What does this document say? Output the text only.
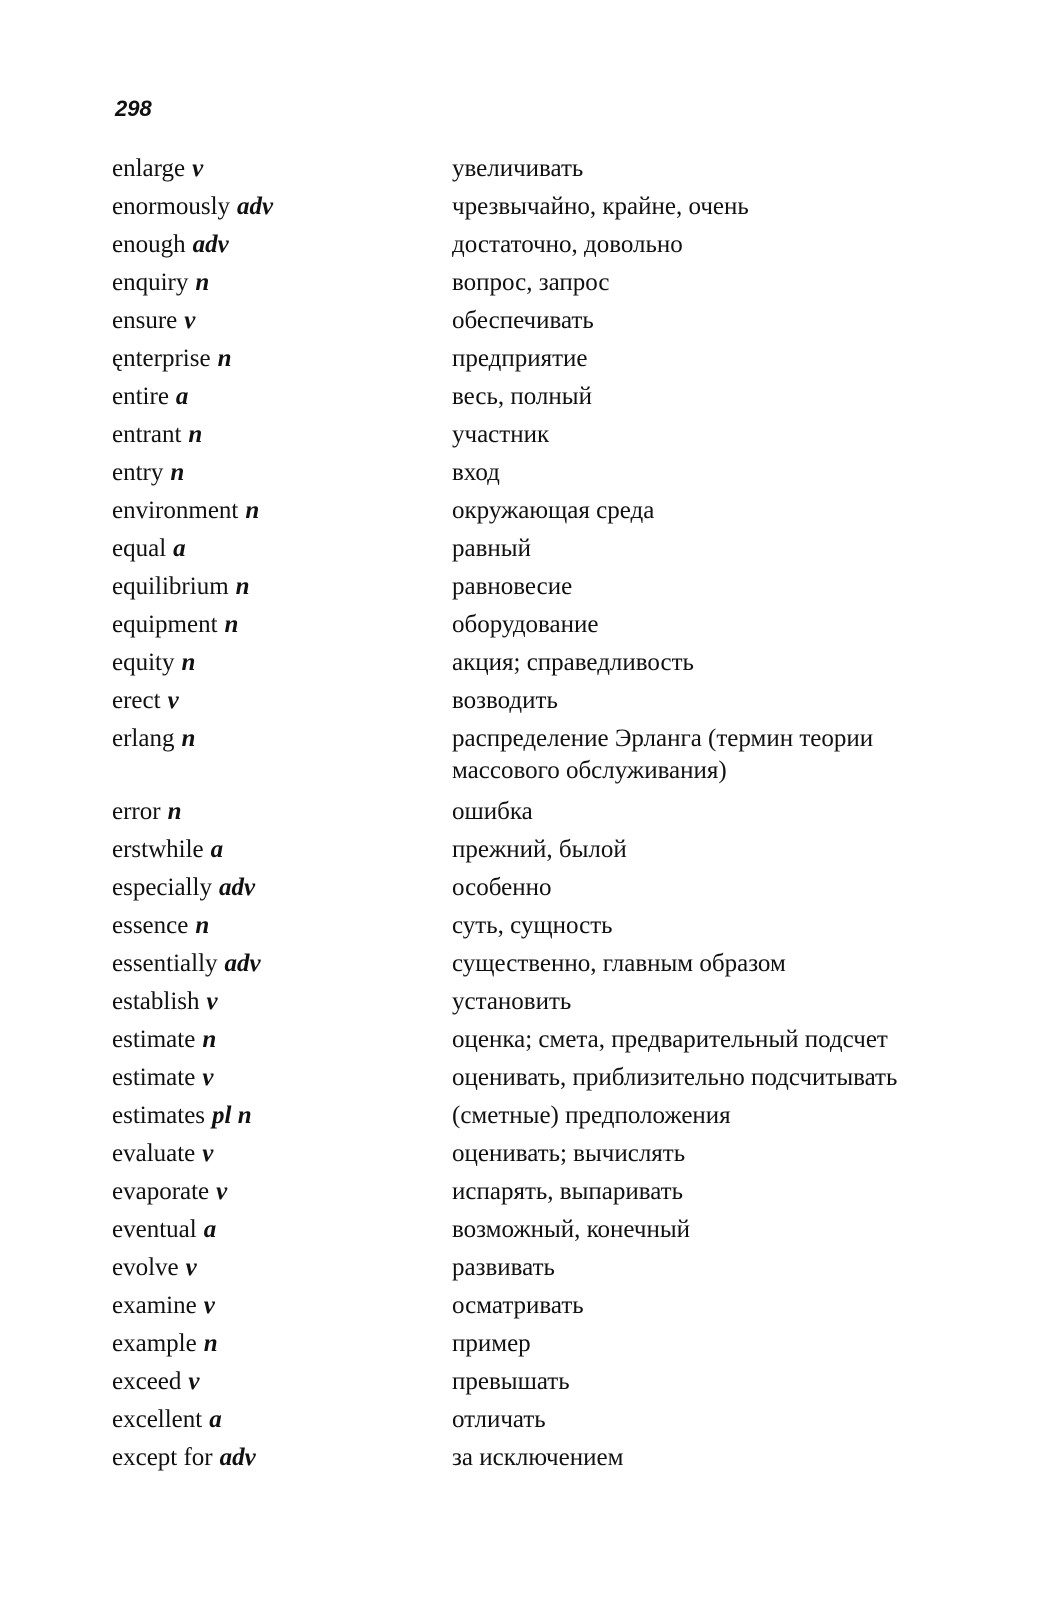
298
enlarge v	увеличивать
enormously adv	чрезвычайно, крайне, очень
enough adv	достаточно, довольно
enquiry n	вопрос, запрос
ensure v	обеспечивать
ęnterprise n	предприятие
entire a	весь, полный
entrant n	участник
entry n	вход
environment n	окружающая среда
equal a	равный
equilibrium n	равновесие
equipment n	оборудование
equity n	акция; справедливость
erect v	возводить
erlang n	распределение Эрланга (термин теории массового обслуживания)
error n	ошибка
erstwhile a	прежний, былой
especially adv	особенно
essence n	суть, сущность
essentially adv	существенно, главным образом
establish v	установить
estimate n	оценка; смета, предварительный подсчет
estimate v	оценивать, приблизительно подсчитывать
estimates pl n	(сметные) предположения
evaluate v	оценивать; вычислять
evaporate v	испарять, выпаривать
eventual a	возможный, конечный
evolve v	развивать
examine v	осматривать
example n	пример
exceed v	превышать
excellent a	отличать
except for adv	за исключением
